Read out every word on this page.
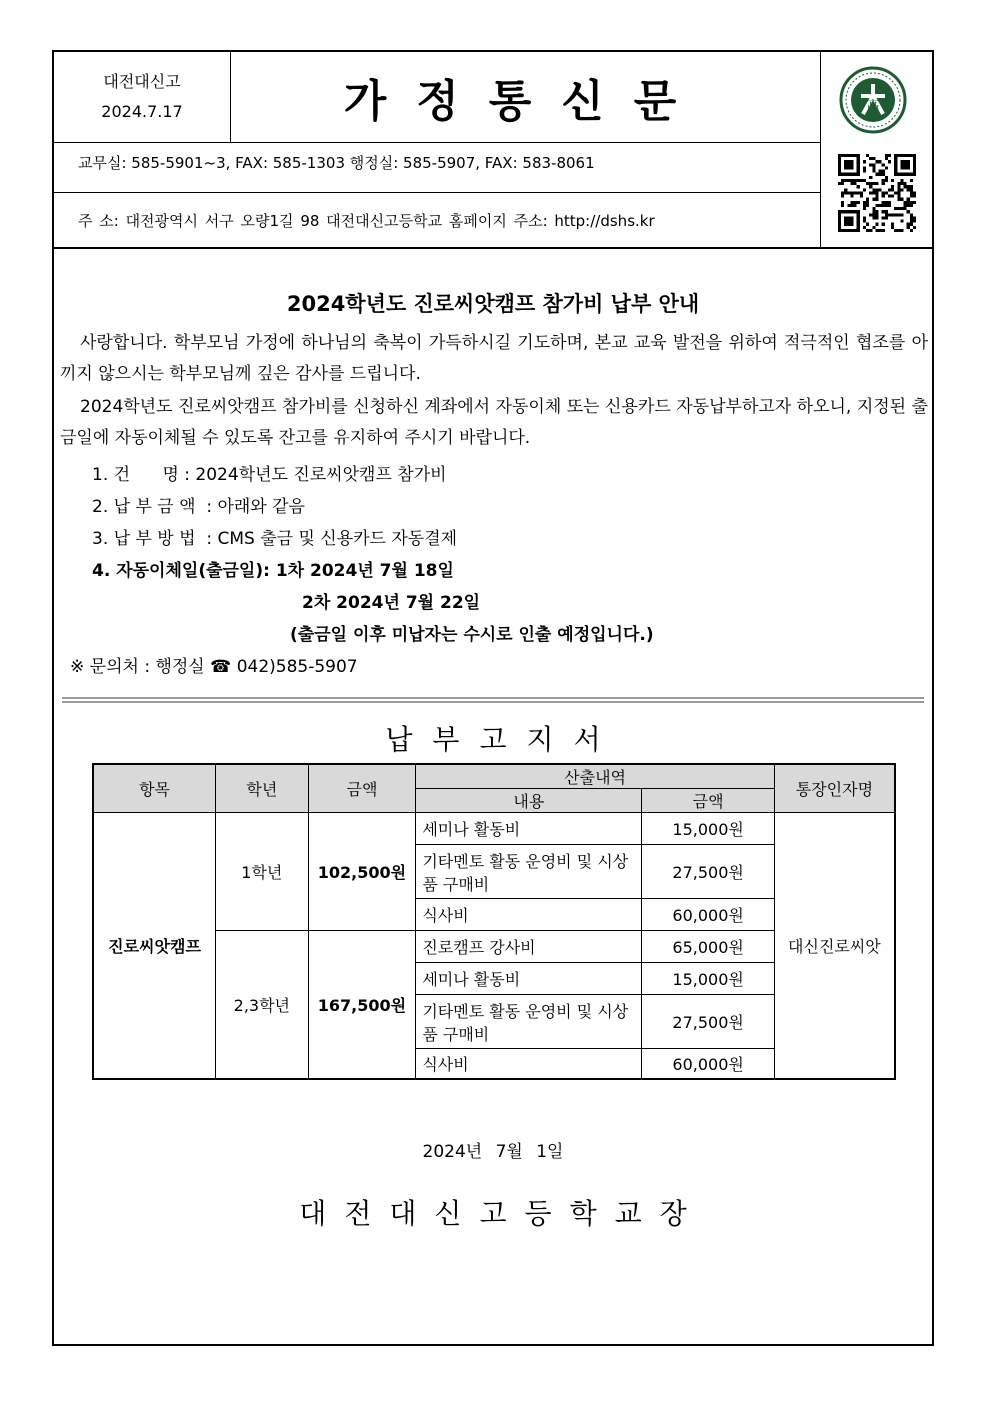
대전대신고
2024.7.17	가정통신문	高
교무실: 585-5901~3, FAX: 585-1303 행정실: 585-5907, FAX: 583-8061
주 소: 대전광역시 서구 오량1길 98 대전대신고등학교 홈페이지 주소: http://dshs.kr
2024학년도 진로씨앗캠프 참가비 납부 안내
사랑합니다. 학부모님 가정에 하나님의 축복이 가득하시길 기도하며, 본교 교육 발전을 위하여 적극적인 협조를 아끼지 않으시는 학부모님께 깊은 감사를 드립니다.
2024학년도 진로씨앗캠프 참가비를 신청하신 계좌에서 자동이체 또는 신용카드 자동납부하고자 하오니, 지정된 출금일에 자동이체될 수 있도록 잔고를 유지하여 주시기 바랍니다.
1. 건      명 : 2024학년도 진로씨앗캠프 참가비
2. 납 부 금 액  : 아래와 같음
3. 납 부 방 법  : CMS 출금 및 신용카드 자동결제
4. 자동이체일(출금일): 1차 2024년 7월 18일
2차 2024년 7월 22일
(출금일 이후 미납자는 수시로 인출 예정입니다.)
※ 문의처 : 행정실 ☎ 042)585-5907
납부고지서
항목	학년	금액	산출내역		통장인자명
			내용	금액	
진로씨앗캠프	1학년	102,500원	세미나 활동비	15,000원	대신진로씨앗
			기타멘토 활동 운영비 및 시상품 구매비	27,500원	
			식사비	60,000원	
	2,3학년	167,500원	진로캠프 강사비	65,000원	
			세미나 활동비	15,000원	
			기타멘토 활동 운영비 및 시상품 구매비	27,500원	
			식사비	60,000원	
2024년 7월 1일
대전대신고등학교장
